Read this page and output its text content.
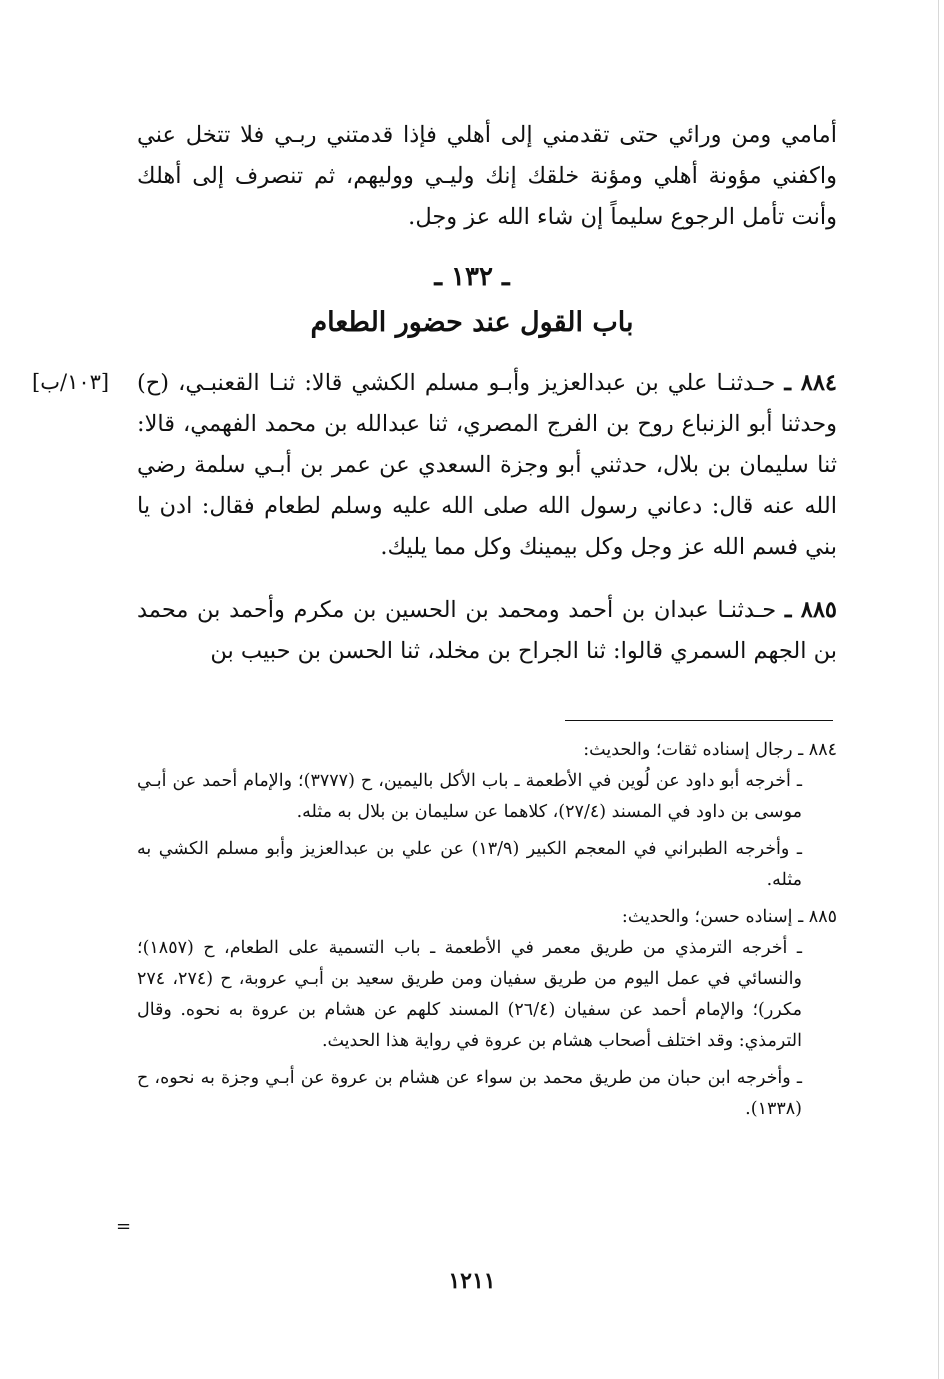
أمامي ومن ورائي حتى تقدمني إلى أهلي فإذا قدمتني ربـي فلا تتخل عني واكفني مؤونة أهلي ومؤنة خلقك إنك وليـي ووليهم، ثم تنصرف إلى أهلك وأنت تأمل الرجوع سليماً إن شاء الله عز وجل.
ـ ١٣٢ ـ
باب القول عند حضور الطعام
[١٠٣/ب]	٨٨٤ ـ حـدثنـا علي بن عبدالعزيز وأبـو مسلم الكشي قالا: ثنـا القعنبـي، (ح) وحدثنا أبو الزنباع روح بن الفرج المصري، ثنا عبدالله بن محمد الفهمي، قالا: ثنا سليمان بن بلال، حدثني أبو وجزة السعدي عن عمر بن أبـي سلمة رضي الله عنه قال: دعاني رسول الله صلى الله عليه وسلم لطعام فقال: ادن يا بني فسم الله عز وجل وكل بيمينك وكل مما يليك.
٨٨٥ ـ حـدثنـا عبدان بن أحمد ومحمد بن الحسين بن مكرم وأحمد بن محمد بن الجهم السمري قالوا: ثنا الجراح بن مخلد، ثنا الحسن بن حبيب بن
٨٨٤ ـ رجال إسناده ثقات؛ والحديث:
ـ أخرجه أبو داود عن لُوين في الأطعمة ـ باب الأكل باليمين، ح (٣٧٧٧)؛ والإمام أحمد عن أبـي موسى بن داود في المسند (٢٧/٤)، كلاهما عن سليمان بن بلال به مثله.
ـ وأخرجه الطبراني في المعجم الكبير (١٣/٩) عن علي بن عبدالعزيز وأبو مسلم الكشي به مثله.
٨٨٥ ـ إسناده حسن؛ والحديث:
ـ أخرجه الترمذي من طريق معمر في الأطعمة ـ باب التسمية على الطعام، ح (١٨٥٧)؛ والنسائي في عمل اليوم من طريق سفيان ومن طريق سعيد بن أبـي عروبة، ح (٢٧٤، ٢٧٤ مكرر)؛ والإمام أحمد عن سفيان (٢٦/٤) المسند كلهم عن هشام بن عروة به نحوه. وقال الترمذي: وقد اختلف أصحاب هشام بن عروة في رواية هذا الحديث.
ـ وأخرجه ابن حبان من طريق محمد بن سواء عن هشام بن عروة عن أبـي وجزة به نحوه، ح (١٣٣٨).
=
١٢١١
